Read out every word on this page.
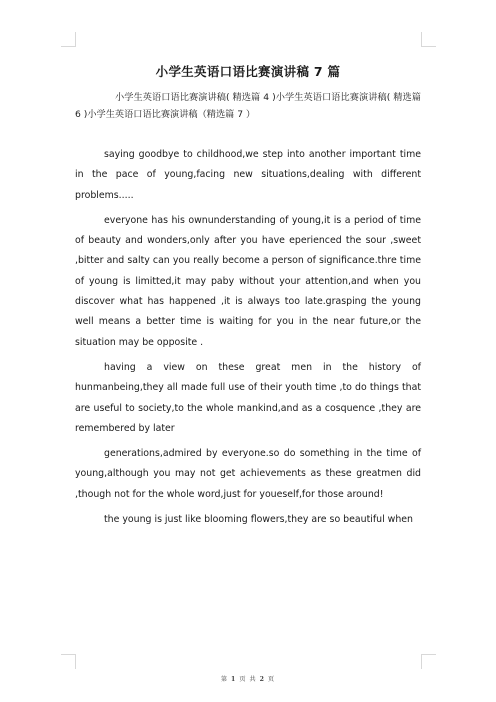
小学生英语口语比赛演讲稿 7 篇

小学生英语口语比赛演讲稿( 精选篇 4 )小学生英语口语比赛演讲稿( 精选篇 6 )小学生英语口语比赛演讲稿（精选篇 7 ）

saying goodbye to childhood,we step into another important time in the pace of young,facing new situations,dealing with different problems.....

everyone has his ownunderstanding of young,it is a period of time of beauty and wonders,only after you have eperienced the sour ,sweet ,bitter and salty can you really become a person of significance.thre time of young is limitted,it may paby without your attention,and when you discover what has happened ,it is always too late.grasping the young well means a better time is waiting for you in the near future,or the situation may be opposite .

having a view on these great men in the history of hunmanbeing,they all made full use of their youth time ,to do things that are useful to society,to the whole mankind,and as a cosquence ,they are remembered by later

generations,admired by everyone.so do something in the time of young,although you may not get achievements as these greatmen did ,though not for the whole word,just for youeself,for those around!

the young is just like blooming flowers,they are so beautiful when

第 1 页 共 2 页
